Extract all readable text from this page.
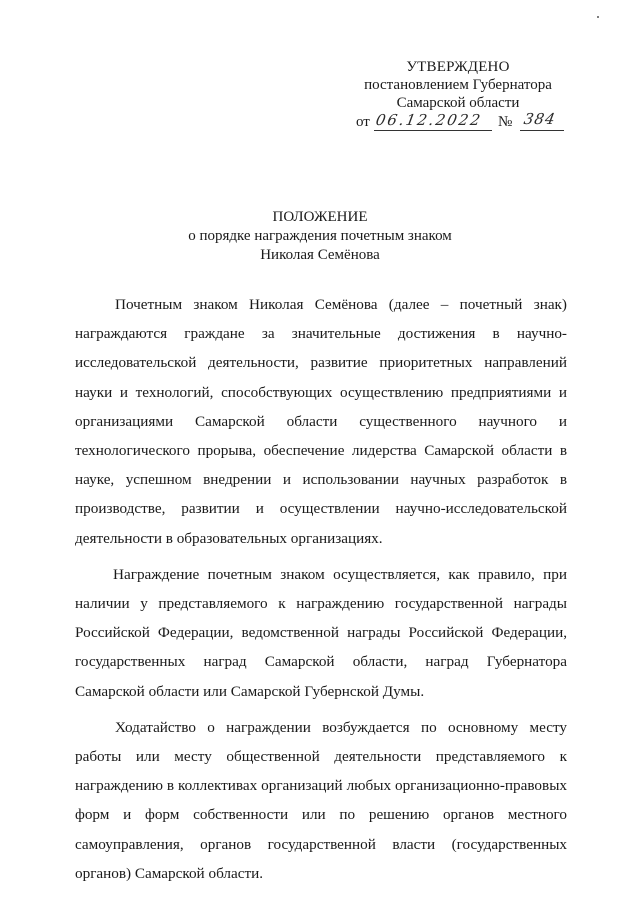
УТВЕРЖДЕНО
постановлением Губернатора
Самарской области
от 06.12.2022 № 384
ПОЛОЖЕНИЕ
о порядке награждения почетным знаком
Николая Семёнова

Почетным знаком Николая Семёнова (далее – почетный знак) награждаются граждане за значительные достижения в научно-исследовательской деятельности, развитие приоритетных направлений науки и технологий, способствующих осуществлению предприятиями и организациями Самарской области существенного научного и технологического прорыва, обеспечение лидерства Самарской области в науке, успешном внедрении и использовании научных разработок в производстве, развитии и осуществлении научно-исследовательской деятельности в образовательных организациях.

Награждение почетным знаком осуществляется, как правило, при наличии у представляемого к награждению государственной награды Российской Федерации, ведомственной награды Российской Федерации, государственных наград Самарской области, наград Губернатора Самарской области или Самарской Губернской Думы.

Ходатайство о награждении возбуждается по основному месту работы или месту общественной деятельности представляемого к награждению в коллективах организаций любых организационно-правовых форм и форм собственности или по решению органов местного самоуправления, органов государственной власти (государственных органов) Самарской области.
